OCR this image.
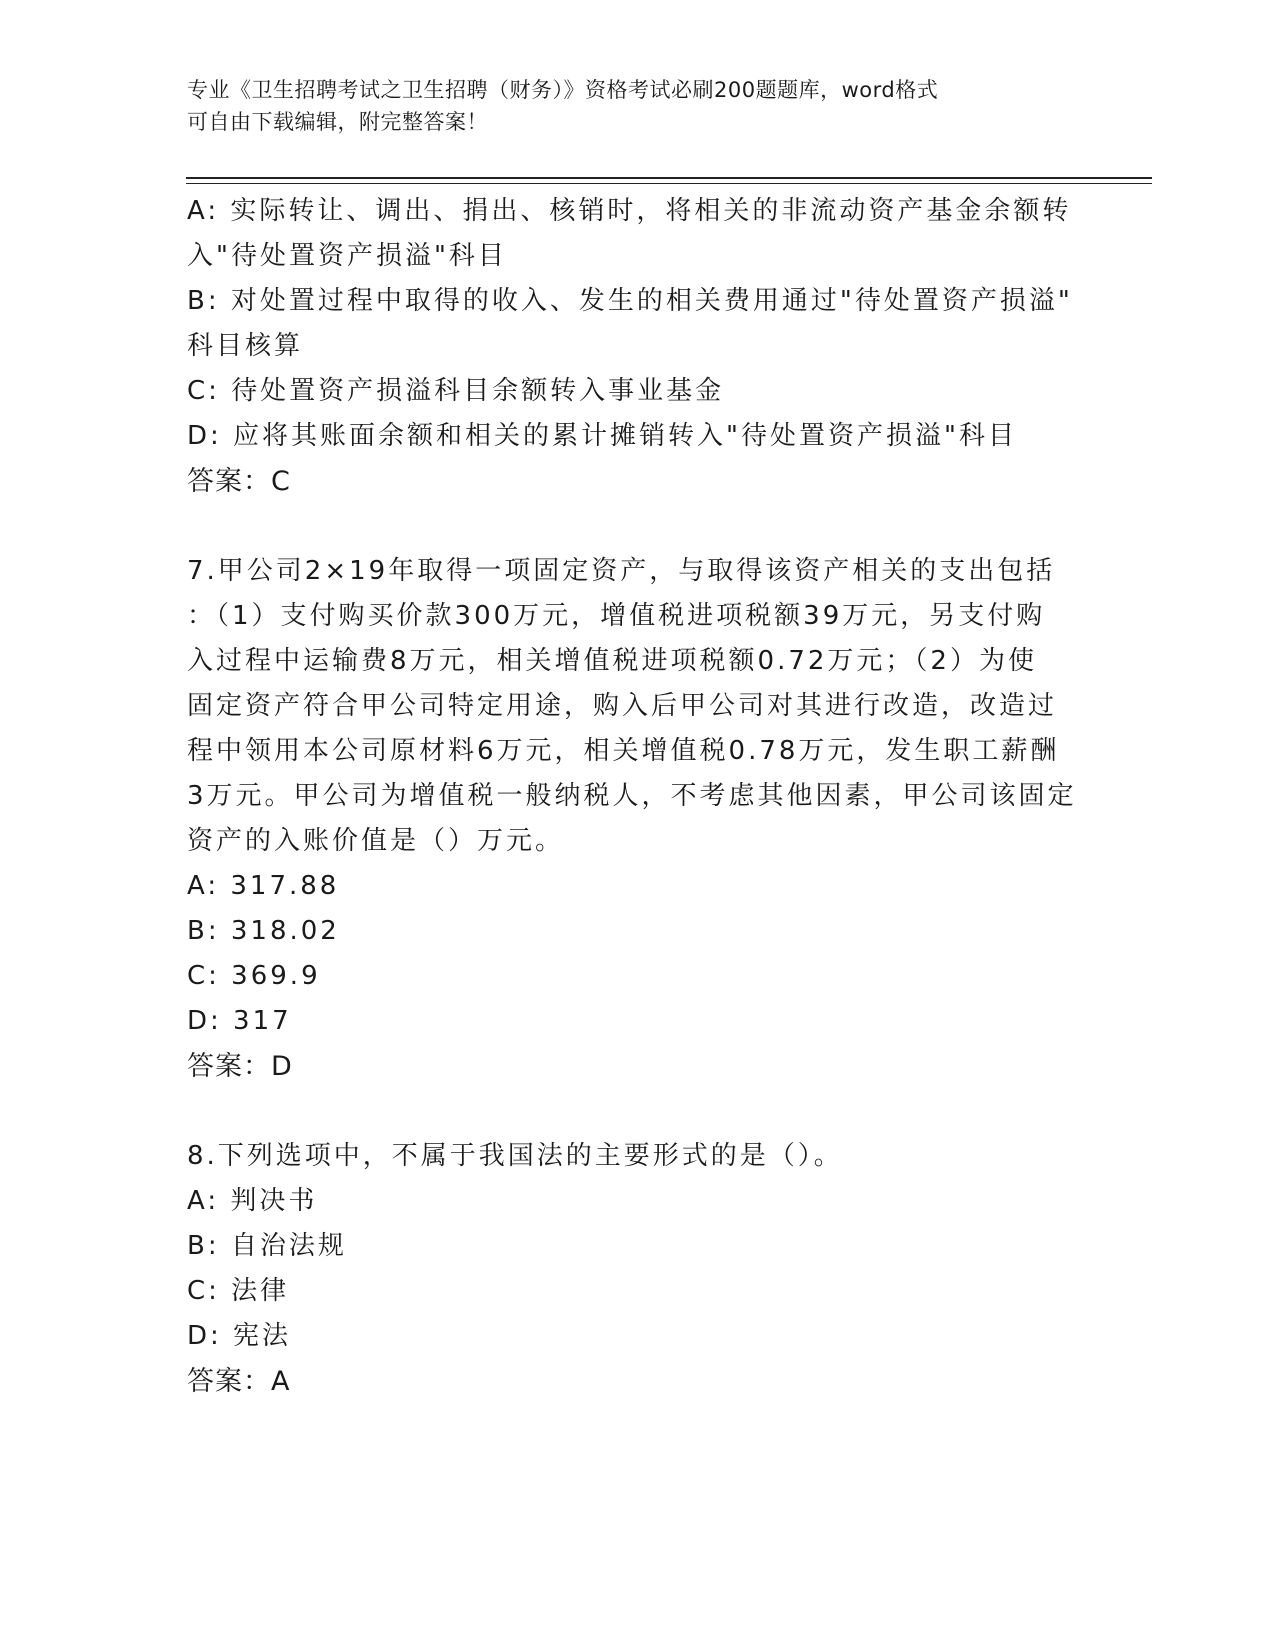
专业《卫生招聘考试之卫生招聘（财务）》资格考试必刷200题题库，word格式
可自由下载编辑，附完整答案！
A: 实际转让、调出、捐出、核销时，将相关的非流动资产基金余额转
入"待处置资产损溢"科目
B: 对处置过程中取得的收入、发生的相关费用通过"待处置资产损溢"
科目核算
C: 待处置资产损溢科目余额转入事业基金
D: 应将其账面余额和相关的累计摊销转入"待处置资产损溢"科目
答案：C
7.甲公司2×19年取得一项固定资产，与取得该资产相关的支出包括
：（1）支付购买价款300万元，增值税进项税额39万元，另支付购
入过程中运输费8万元，相关增值税进项税额0.72万元；（2）为使
固定资产符合甲公司特定用途，购入后甲公司对其进行改造，改造过
程中领用本公司原材料6万元，相关增值税0.78万元，发生职工薪酬
3万元。甲公司为增值税一般纳税人，不考虑其他因素，甲公司该固定
资产的入账价值是（）万元。
A: 317.88
B: 318.02
C: 369.9
D: 317
答案：D
8.下列选项中，不属于我国法的主要形式的是（）。
A: 判决书
B: 自治法规
C: 法律
D: 宪法
答案：A
